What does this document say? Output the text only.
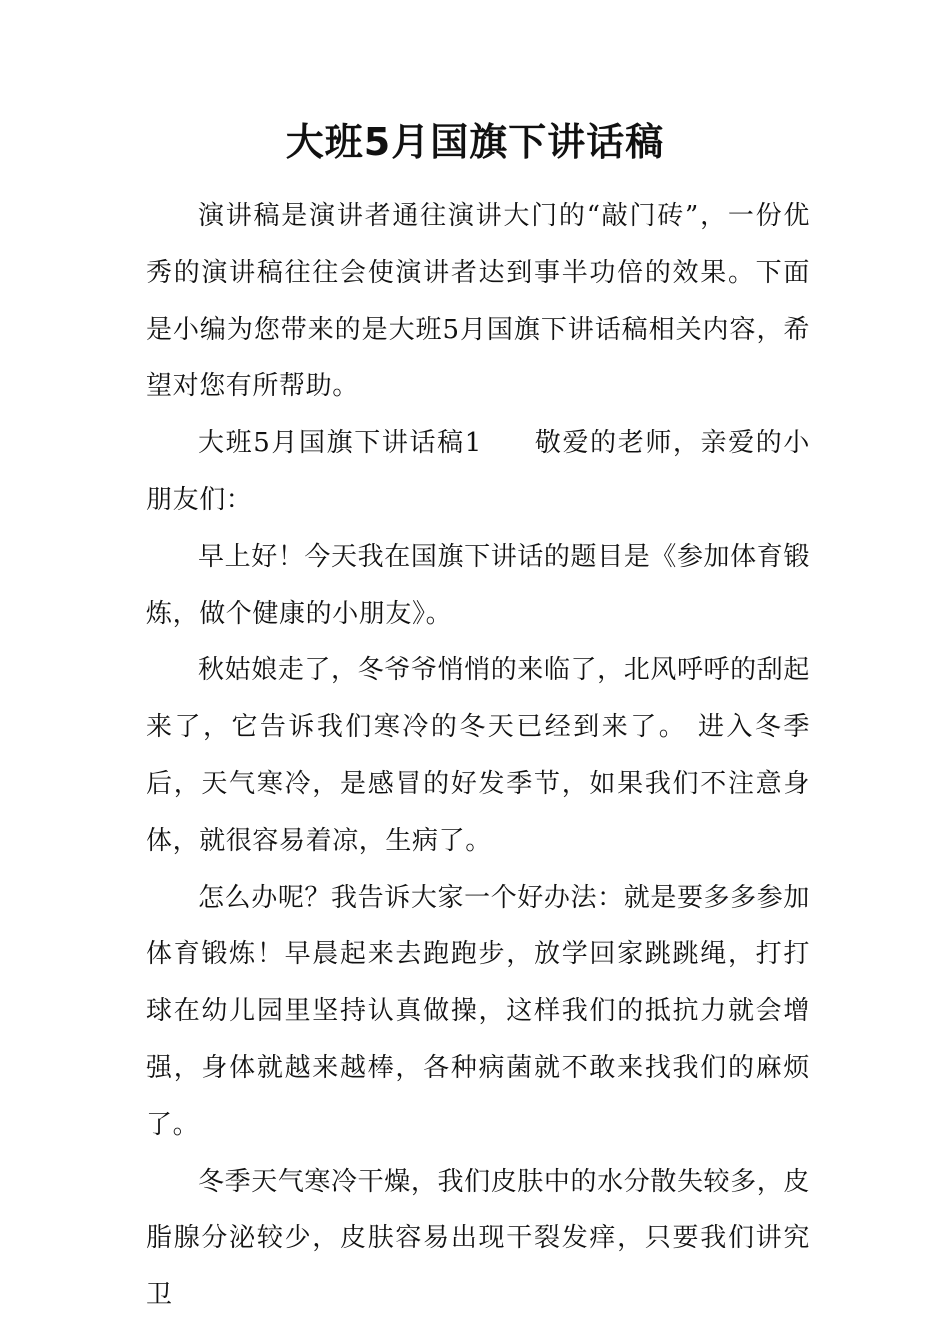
大班5月国旗下讲话稿

演讲稿是演讲者通往演讲大门的“敲门砖”，一份优秀的演讲稿往往会使演讲者达到事半功倍的效果。下面是小编为您带来的是大班5月国旗下讲话稿相关内容，希望对您有所帮助。

大班5月国旗下讲话稿1 敬爱的老师，亲爱的小朋友们：

早上好！今天我在国旗下讲话的题目是《参加体育锻炼，做个健康的小朋友》。

秋姑娘走了，冬爷爷悄悄的来临了，北风呼呼的刮起来了，它告诉我们寒冷的冬天已经到来了。 进入冬季后，天气寒冷，是感冒的好发季节，如果我们不注意身体，就很容易着凉，生病了。

怎么办呢？我告诉大家一个好办法：就是要多多参加体育锻炼！早晨起来去跑跑步，放学回家跳跳绳，打打球在幼儿园里坚持认真做操，这样我们的抵抗力就会增强，身体就越来越棒，各种病菌就不敢来找我们的麻烦了。

冬季天气寒冷干燥，我们皮肤中的水分散失较多，皮脂腺分泌较少，皮肤容易出现干裂发痒，只要我们讲究卫
